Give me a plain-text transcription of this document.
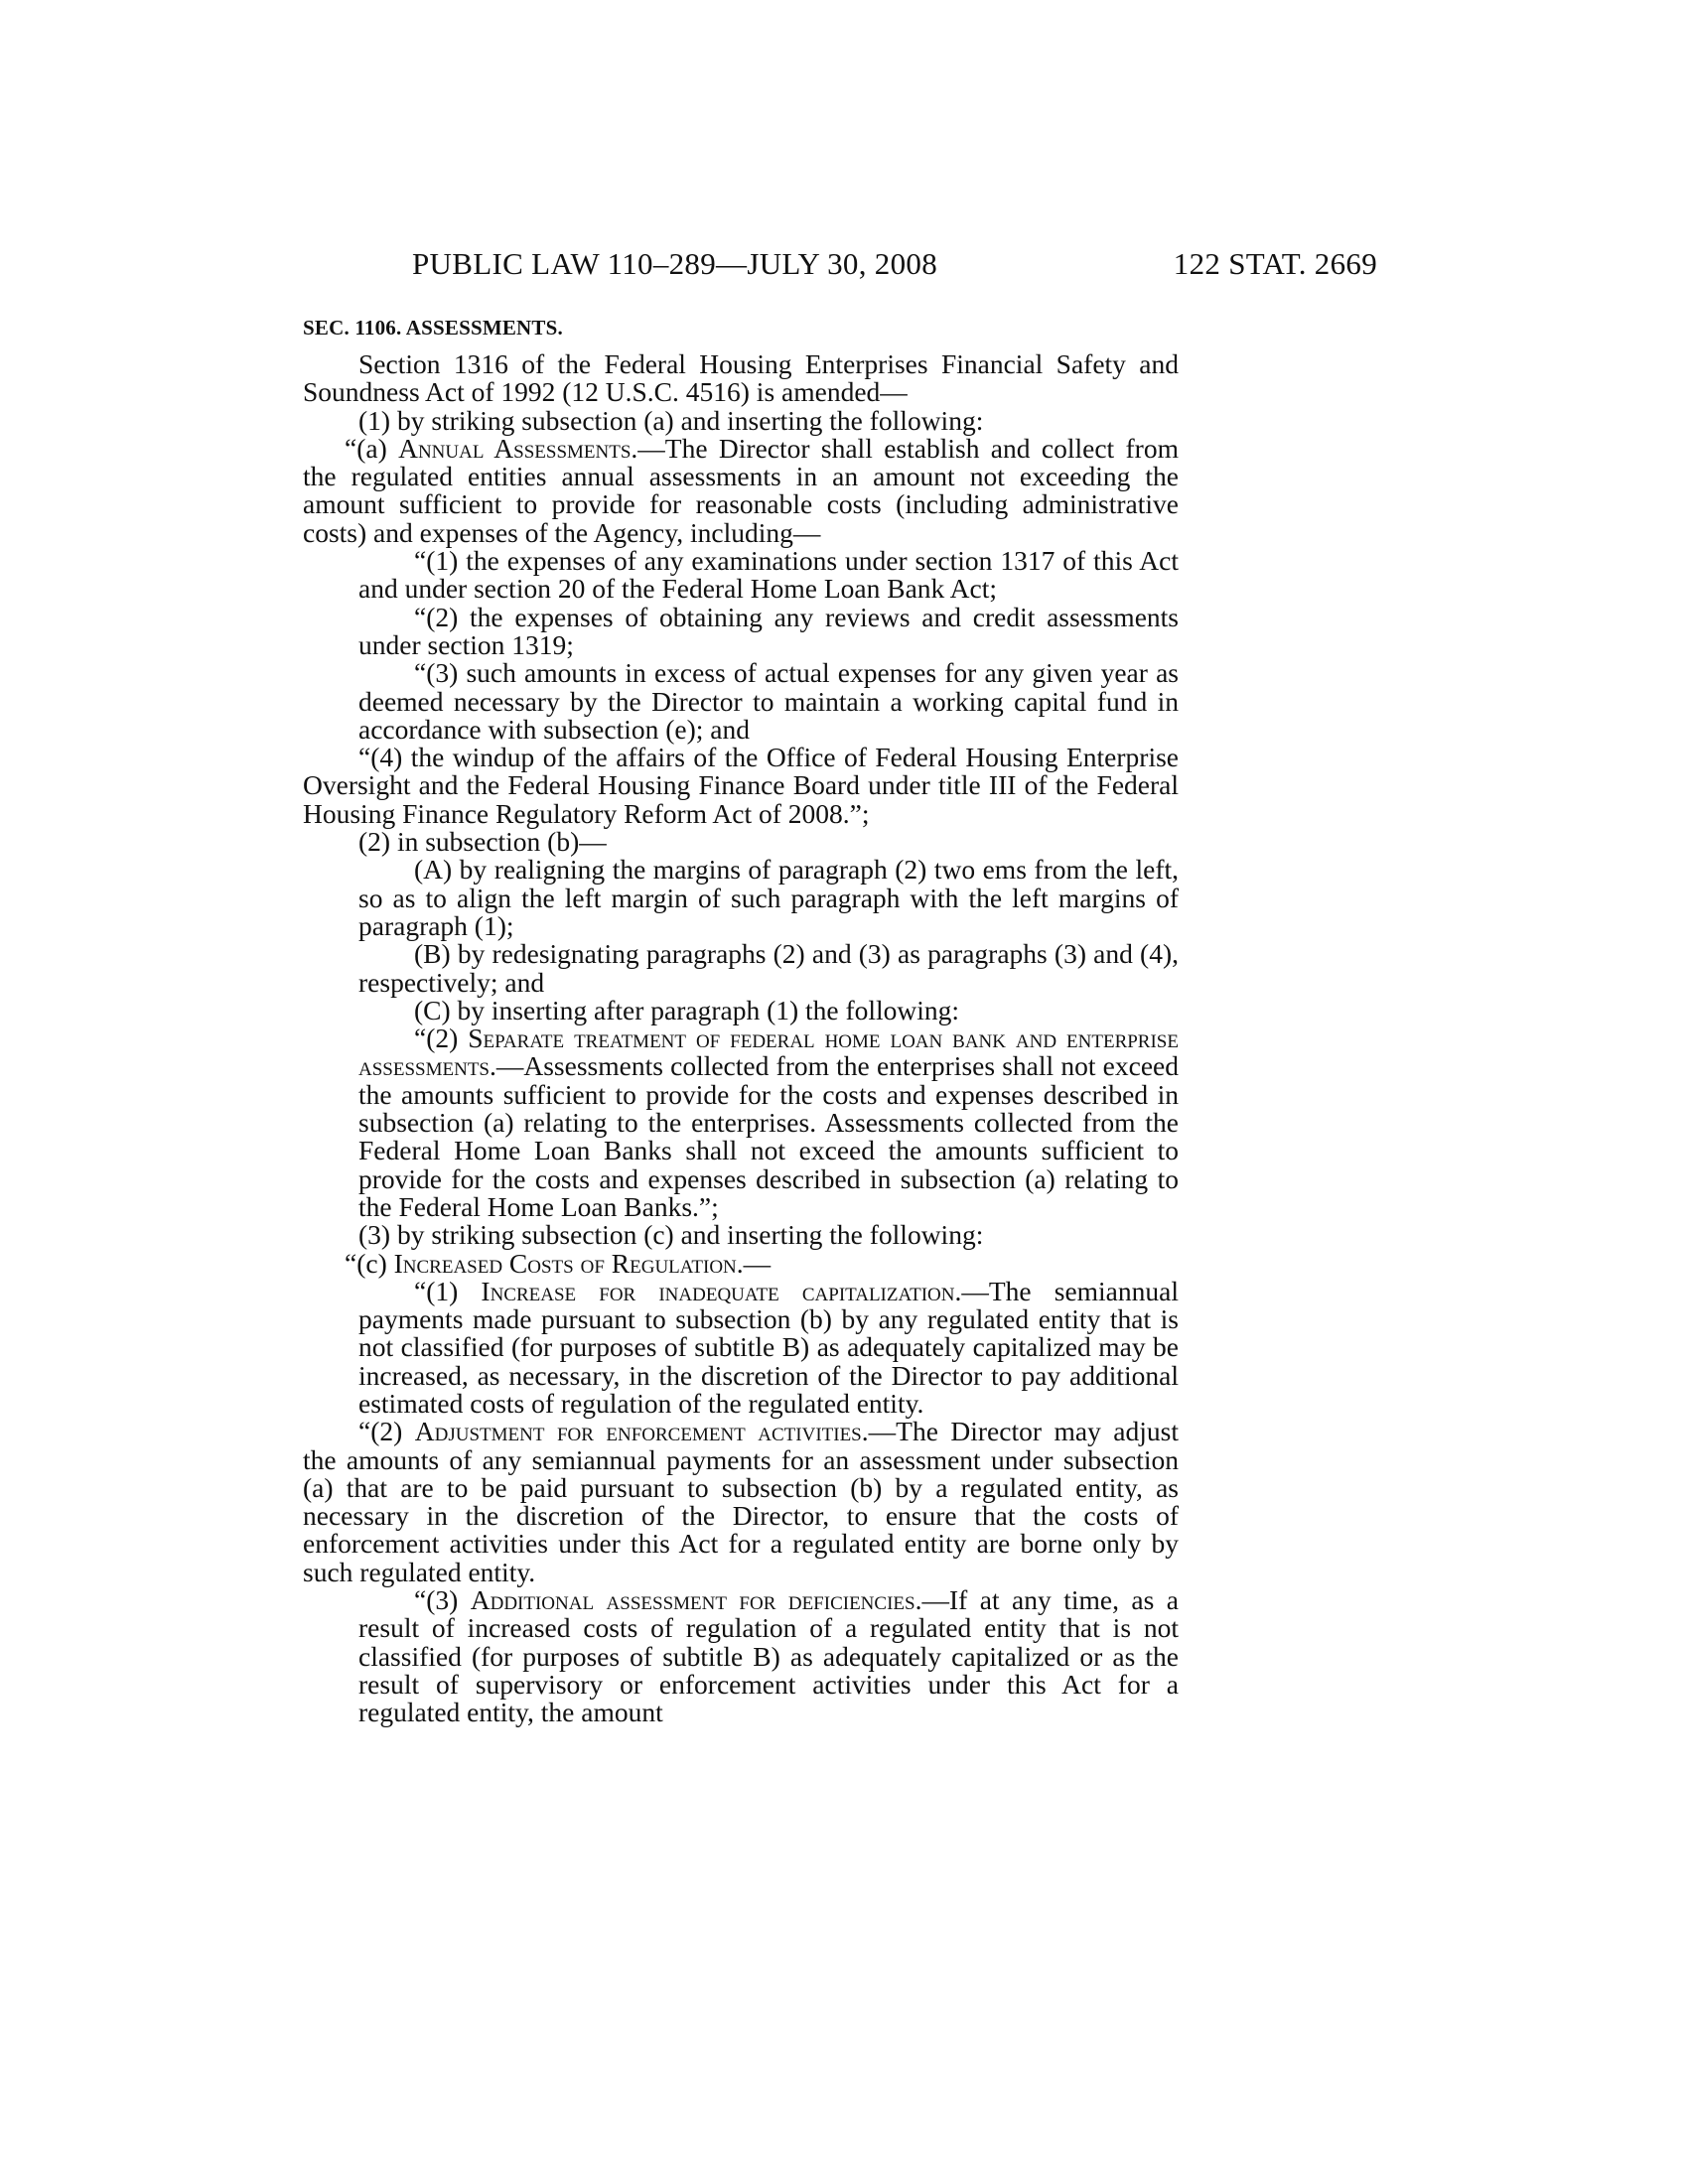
PUBLIC LAW 110–289—JULY 30, 2008	122 STAT. 2669
SEC. 1106. ASSESSMENTS.

Section 1316 of the Federal Housing Enterprises Financial Safety and Soundness Act of 1992 (12 U.S.C. 4516) is amended—

(1) by striking subsection (a) and inserting the following:

“(a) Annual Assessments.—The Director shall establish and collect from the regulated entities annual assessments in an amount not exceeding the amount sufficient to provide for reasonable costs (including administrative costs) and expenses of the Agency, including—

“(1) the expenses of any examinations under section 1317 of this Act and under section 20 of the Federal Home Loan Bank Act;

“(2) the expenses of obtaining any reviews and credit assessments under section 1319;

“(3) such amounts in excess of actual expenses for any given year as deemed necessary by the Director to maintain a working capital fund in accordance with subsection (e); and

“(4) the windup of the affairs of the Office of Federal Housing Enterprise Oversight and the Federal Housing Finance Board under title III of the Federal Housing Finance Regulatory Reform Act of 2008.”;

(2) in subsection (b)—

(A) by realigning the margins of paragraph (2) two ems from the left, so as to align the left margin of such paragraph with the left margins of paragraph (1);

(B) by redesignating paragraphs (2) and (3) as paragraphs (3) and (4), respectively; and

(C) by inserting after paragraph (1) the following:

“(2) Separate treatment of federal home loan bank and enterprise assessments.—Assessments collected from the enterprises shall not exceed the amounts sufficient to provide for the costs and expenses described in subsection (a) relating to the enterprises. Assessments collected from the Federal Home Loan Banks shall not exceed the amounts sufficient to provide for the costs and expenses described in subsection (a) relating to the Federal Home Loan Banks.”;

(3) by striking subsection (c) and inserting the following:

“(c) Increased Costs of Regulation.—

“(1) Increase for inadequate capitalization.—The semiannual payments made pursuant to subsection (b) by any regulated entity that is not classified (for purposes of subtitle B) as adequately capitalized may be increased, as necessary, in the discretion of the Director to pay additional estimated costs of regulation of the regulated entity.

“(2) Adjustment for enforcement activities.—The Director may adjust the amounts of any semiannual payments for an assessment under subsection (a) that are to be paid pursuant to subsection (b) by a regulated entity, as necessary in the discretion of the Director, to ensure that the costs of enforcement activities under this Act for a regulated entity are borne only by such regulated entity.

“(3) Additional assessment for deficiencies.—If at any time, as a result of increased costs of regulation of a regulated entity that is not classified (for purposes of subtitle B) as adequately capitalized or as the result of supervisory or enforcement activities under this Act for a regulated entity, the amount
